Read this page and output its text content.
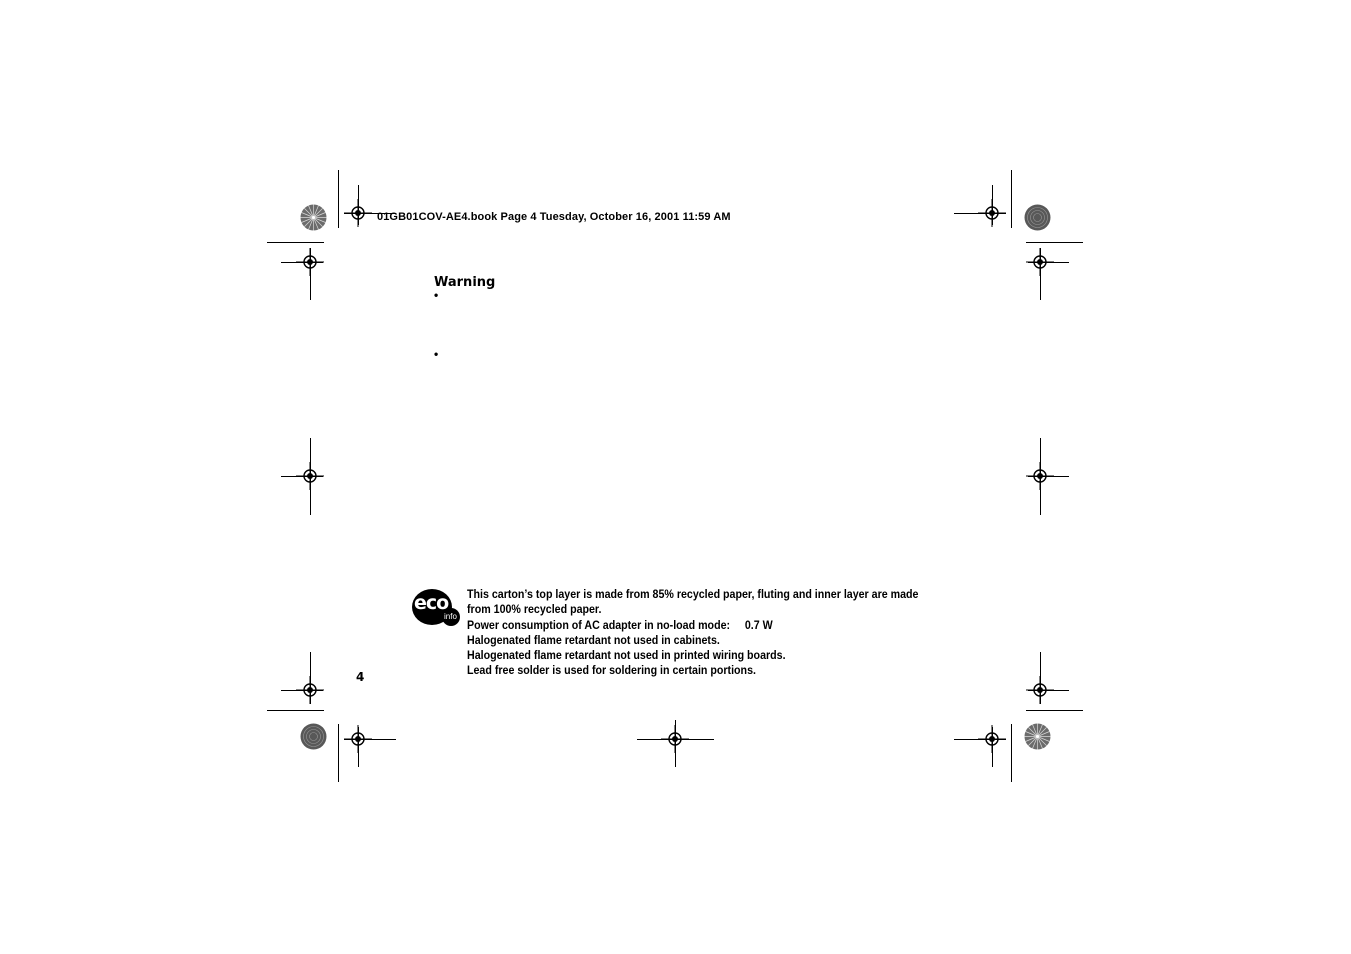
01GB01COV-AE4.book Page 4 Tuesday, October 16, 2001 11:59 AM
Warning
•
•
eco
info
This carton’s top layer is made from 85% recycled paper, fluting and inner layer are made
from 100% recycled paper.
Power consumption of AC adapter in no-load mode:     0.7 W
Halogenated flame retardant not used in cabinets.
Halogenated flame retardant not used in printed wiring boards.
Lead free solder is used for soldering in certain portions.
4
